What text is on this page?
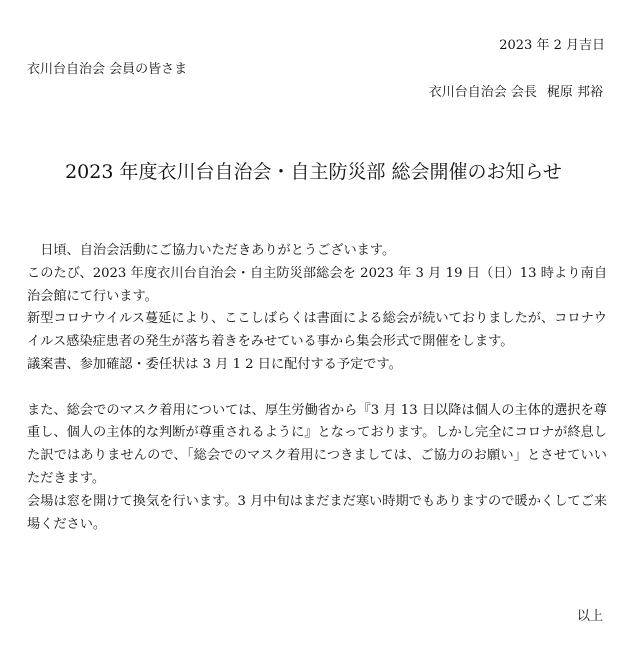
2023 年 2 月吉日
衣川台自治会 会員の皆さま
衣川台自治会 会長 梶原 邦裕
2023 年度衣川台自治会・自主防災部 総会開催のお知らせ

日頃、自治会活動にご協力いただきありがとうございます。

このたび、2023 年度衣川台自治会・自主防災部総会を 2023 年 3 月 19 日（日）13 時より南自治会館にて行います。

新型コロナウイルス蔓延により、ここしばらくは書面による総会が続いておりましたが、コロナウイルス感染症患者の発生が落ち着きをみせている事から集会形式で開催をします。

議案書、参加確認・委任状は 3 月 1 2 日に配付する予定です。

また、総会でのマスク着用については、厚生労働省から『3 月 13 日以降は個人の主体的選択を尊重し、個人の主体的な判断が尊重されるように』となっております。しかし完全にコロナが終息した訳ではありませんので、「総会でのマスク着用につきましては、ご協力のお願い」とさせていいただきます。

会場は窓を開けて換気を行います。3 月中旬はまだまだ寒い時期でもありますので暖かくしてご来場ください。

以上
